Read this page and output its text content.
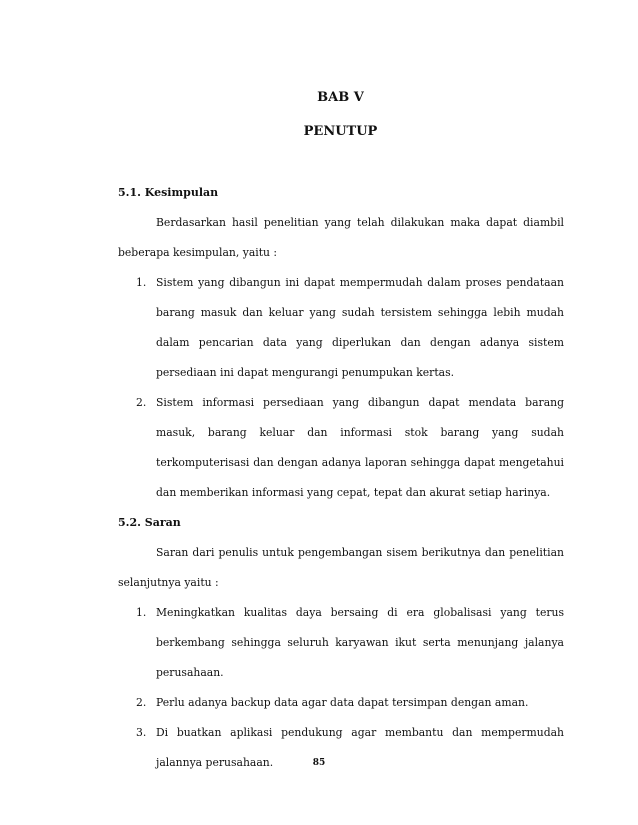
BAB V
PENUTUP

5.1. Kesimpulan

Berdasarkan hasil penelitian yang telah dilakukan maka dapat diambil beberapa kesimpulan, yaitu :

1. Sistem yang dibangun ini dapat mempermudah dalam proses pendataan barang masuk dan keluar yang sudah tersistem sehingga lebih mudah dalam pencarian data yang diperlukan dan dengan adanya sistem persediaan ini dapat mengurangi penumpukan kertas.
2. Sistem informasi persediaan yang dibangun dapat mendata barang masuk, barang keluar dan informasi stok barang yang sudah terkomputerisasi dan dengan adanya laporan sehingga dapat mengetahui dan memberikan informasi yang cepat, tepat dan akurat setiap harinya.

5.2. Saran

Saran dari penulis untuk pengembangan sisem berikutnya dan penelitian selanjutnya yaitu :

1. Meningkatkan kualitas daya bersaing di era globalisasi yang terus berkembang sehingga seluruh karyawan ikut serta menunjang jalanya perusahaan.
2. Perlu adanya backup data agar data dapat tersimpan dengan aman.
3. Di buatkan aplikasi pendukung agar membantu dan mempermudah jalannya perusahaan.	85
